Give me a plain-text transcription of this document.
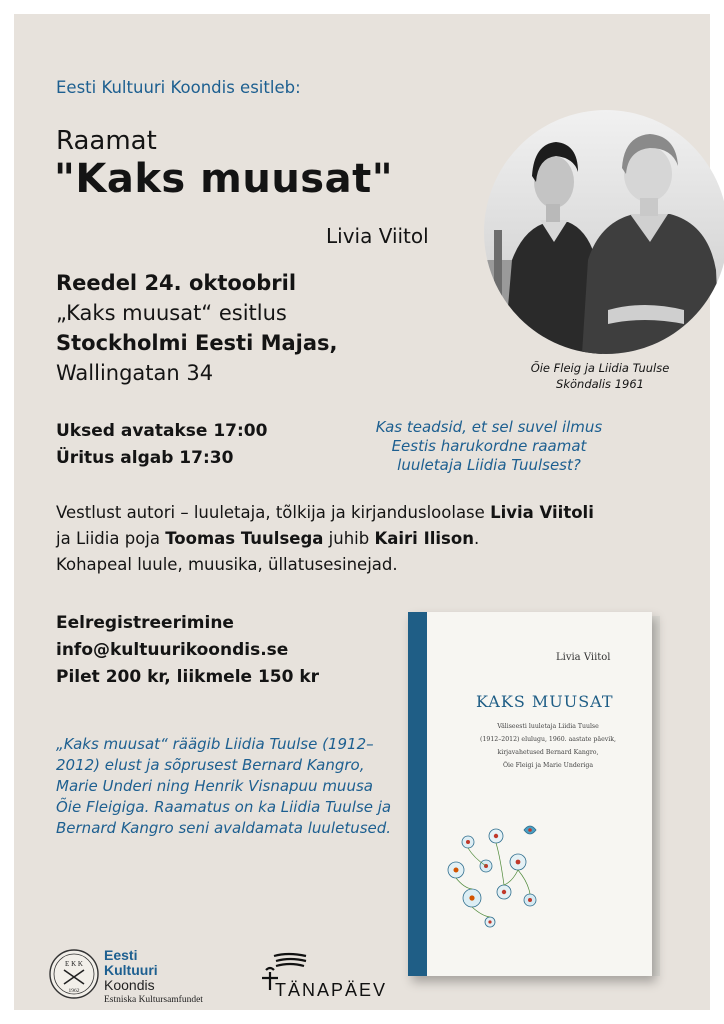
Eesti Kultuuri Koondis esitleb:
Raamat
"Kaks muusat"
Livia Viitol
Reedel 24. oktoobril
„Kaks muusat“ esitlus
Stockholmi Eesti Majas,
Wallingatan 34	Õie Fleig ja Liidia Tuulse
Sköndalis 1961
Uksed avatakse 17:00
Üritus algab 17:30
Kas teadsid, et sel suvel ilmus
Eestis harukordne raamat
luuletaja Liidia Tuulsest?
Vestlust autori – luuletaja, tõlkija ja kirjandusloolase Livia Viitoli
ja Liidia poja Toomas Tuulsega juhib Kairi Ilison.
Kohapeal luule, muusika, üllatusesinejad.
Eelregistreerimine
info@kultuurikoondis.se
Pilet 200 kr, liikmele 150 kr
„Kaks muusat“ räägib Liidia Tuulse (1912–2012) elust ja sõprusest Bernard Kangro, Marie Underi ning Henrik Visnapuu muusa Õie Fleigiga. Raamatus on ka Liidia Tuulse ja Bernard Kangro seni avaldamata luuletused.
Livia Viitol
KAKS MUUSAT
Väliseesti luuletaja Liidia Tuulse
(1912–2012) elulugu, 1960. aastate päevik,
kirjavahetused Bernard Kangro,
Õie Fleigi ja Marie Underiga
E K K
1962
Eesti
Kultuuri
Koondis
Estniska Kultursamfundet	TÄNAPÄEV
